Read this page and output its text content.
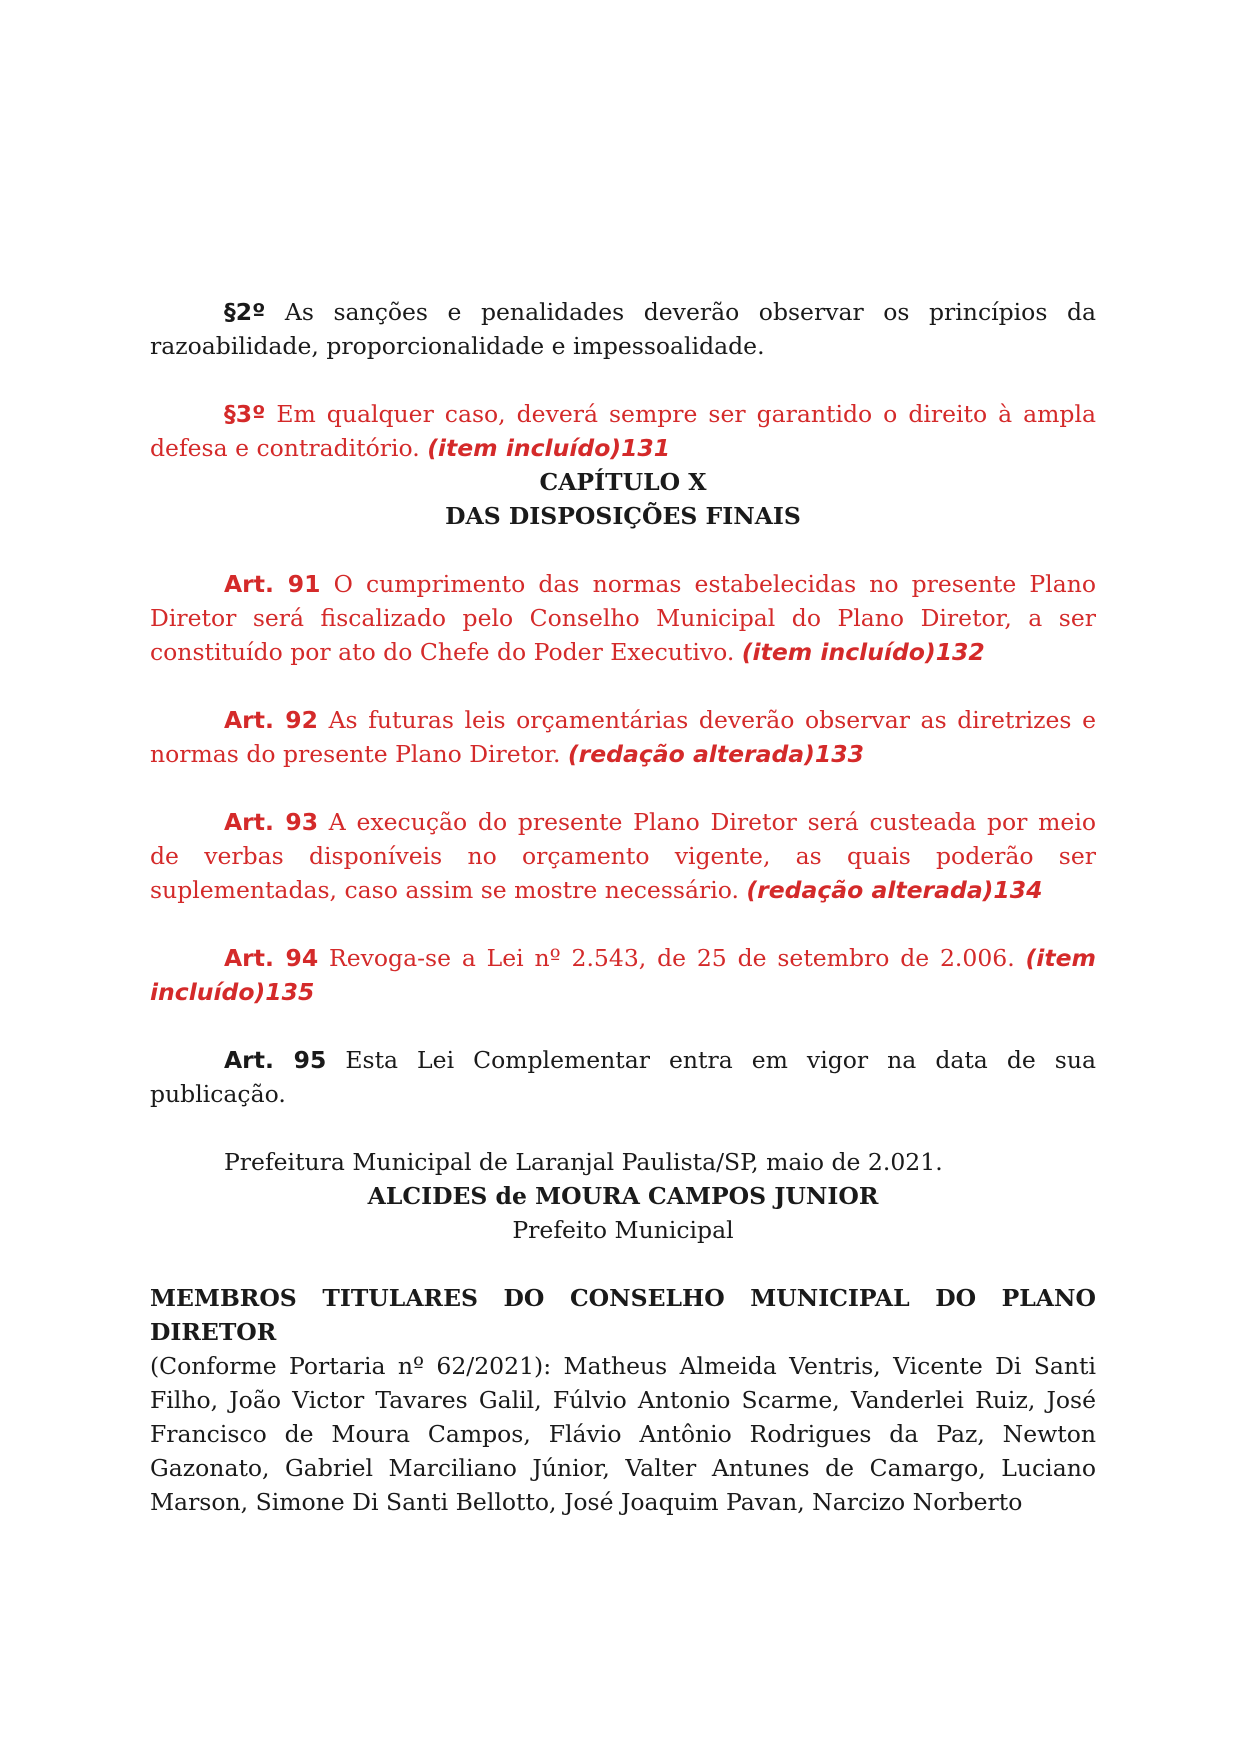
§2º As sanções e penalidades deverão observar os princípios da razoabilidade, proporcionalidade e impessoalidade.

§3º Em qualquer caso, deverá sempre ser garantido o direito à ampla defesa e contraditório. (item incluído)131

CAPÍTULO X

DAS DISPOSIÇÕES FINAIS

Art. 91 O cumprimento das normas estabelecidas no presente Plano Diretor será fiscalizado pelo Conselho Municipal do Plano Diretor, a ser constituído por ato do Chefe do Poder Executivo. (item incluído)132

Art. 92 As futuras leis orçamentárias deverão observar as diretrizes e normas do presente Plano Diretor. (redação alterada)133

Art. 93 A execução do presente Plano Diretor será custeada por meio de verbas disponíveis no orçamento vigente, as quais poderão ser suplementadas, caso assim se mostre necessário. (redação alterada)134

Art. 94 Revoga-se a Lei nº 2.543, de 25 de setembro de 2.006. (item incluído)135

Art. 95 Esta Lei Complementar entra em vigor na data de sua publicação.

Prefeitura Municipal de Laranjal Paulista/SP, maio de 2.021.

ALCIDES de MOURA CAMPOS JUNIOR

Prefeito Municipal

MEMBROS TITULARES DO CONSELHO MUNICIPAL DO PLANO DIRETOR

(Conforme Portaria nº 62/2021): Matheus Almeida Ventris, Vicente Di Santi Filho, João Victor Tavares Galil, Fúlvio Antonio Scarme, Vanderlei Ruiz, José Francisco de Moura Campos, Flávio Antônio Rodrigues da Paz, Newton Gazonato, Gabriel Marciliano Júnior, Valter Antunes de Camargo, Luciano Marson, Simone Di Santi Bellotto, José Joaquim Pavan, Narcizo Norberto
